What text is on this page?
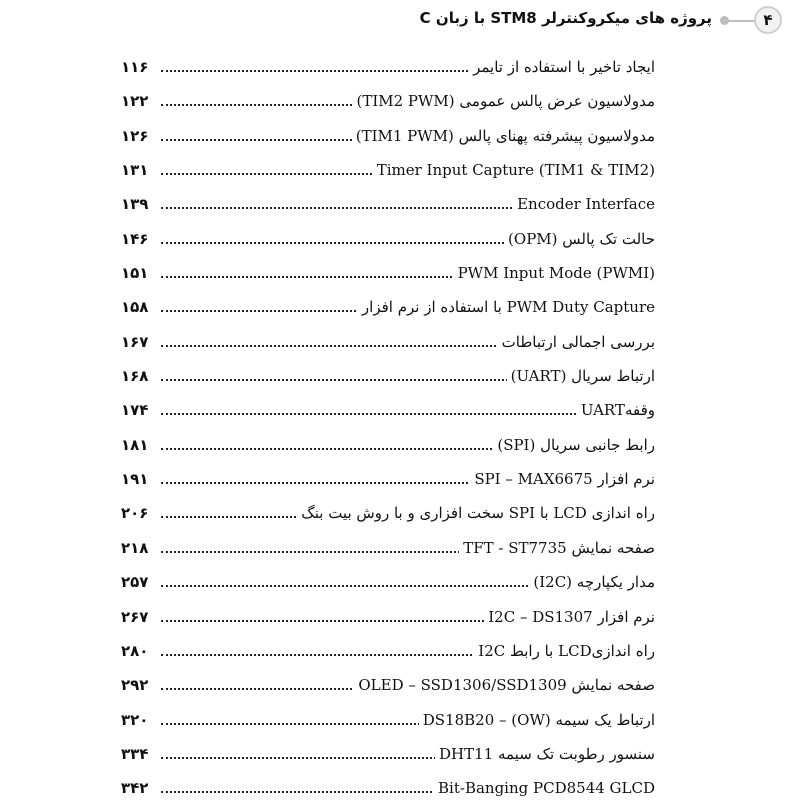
۴
پروژه های میکروکنترلر STM8 با زبان C
ایجاد تاخیر با استفاده از تایمر
۱۱۶
مدولاسیون عرض پالس عمومی (TIM2 PWM)
۱۲۲
مدولاسیون پیشرفته پهنای پالس (TIM1 PWM)
۱۲۶
Timer Input Capture (TIM1 & TIM2)
۱۳۱
Encoder Interface
۱۳۹
حالت تک پالس (OPM)
۱۴۶
PWM Input Mode (PWMI)
۱۵۱
PWM Duty Capture با استفاده از نرم افزار
۱۵۸
بررسی اجمالی ارتباطات
۱۶۷
ارتباط سریال (UART)
۱۶۸
وقفهUART
۱۷۴
رابط جانبی سریال (SPI)
۱۸۱
نرم افزار SPI – MAX6675
۱۹۱
راه اندازی LCD با SPI سخت افزاری و با روش بیت بنگ
۲۰۶
صفحه نمایش TFT - ST7735
۲۱۸
مدار یکپارچه (I2C)
۲۵۷
نرم افزار I2C – DS1307
۲۶۷
راه اندازیLCD با رابط I2C
۲۸۰
صفحه نمایش OLED – SSD1306/SSD1309
۲۹۲
ارتباط یک سیمه (OW) – DS18B20
۳۲۰
سنسور رطوبت تک سیمه DHT11
۳۳۴
Bit-Banging PCD8544 GLCD
۳۴۲
